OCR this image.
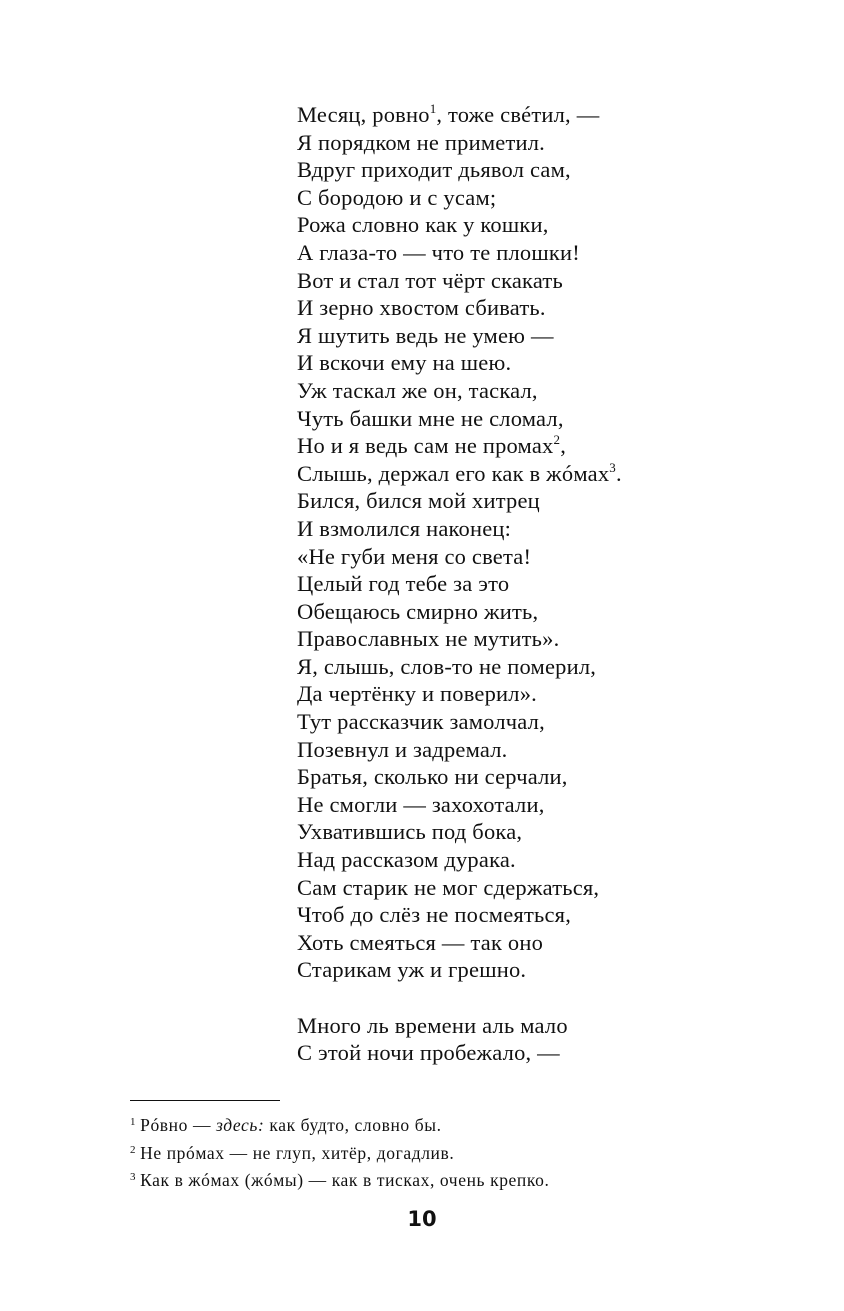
Месяц, ровно$^1$, тоже свéтил, —
Я порядком не приметил.
Вдруг приходит дьявол сам,
С бородою и с усам;
Рожа словно как у кошки,
А глаза-то — что те плошки!
Вот и стал тот чёрт скакать
И зерно хвостом сбивать.
Я шутить ведь не умею —
И вскочи ему на шею.
Уж таскал же он, таскал,
Чуть башки мне не сломал,
Но и я ведь сам не промах$^2$,
Слышь, держал его как в жóмах$^3$.
Бился, бился мой хитрец
И взмолился наконец:
«Не губи меня со света!
Целый год тебе за это
Обещаюсь смирно жить,
Православных не мутить».
Я, слышь, слов-то не померил,
Да чертёнку и поверил».
Тут рассказчик замолчал,
Позевнул и задремал.
Братья, сколько ни серчали,
Не смогли — захохотали,
Ухватившись под бока,
Над рассказом дурака.
Сам старик не мог сдержаться,
Чтоб до слёз не посмеяться,
Хоть смеяться — так оно
Старикам уж и грешно.
Много ль времени аль мало
С этой ночи пробежало, —
$^1$ Рóвно — здесь: как будто, словно бы.
$^2$ Не прóмах — не глуп, хитёр, догадлив.
$^3$ Как в жóмах (жóмы) — как в тисках, очень крепко.
10
